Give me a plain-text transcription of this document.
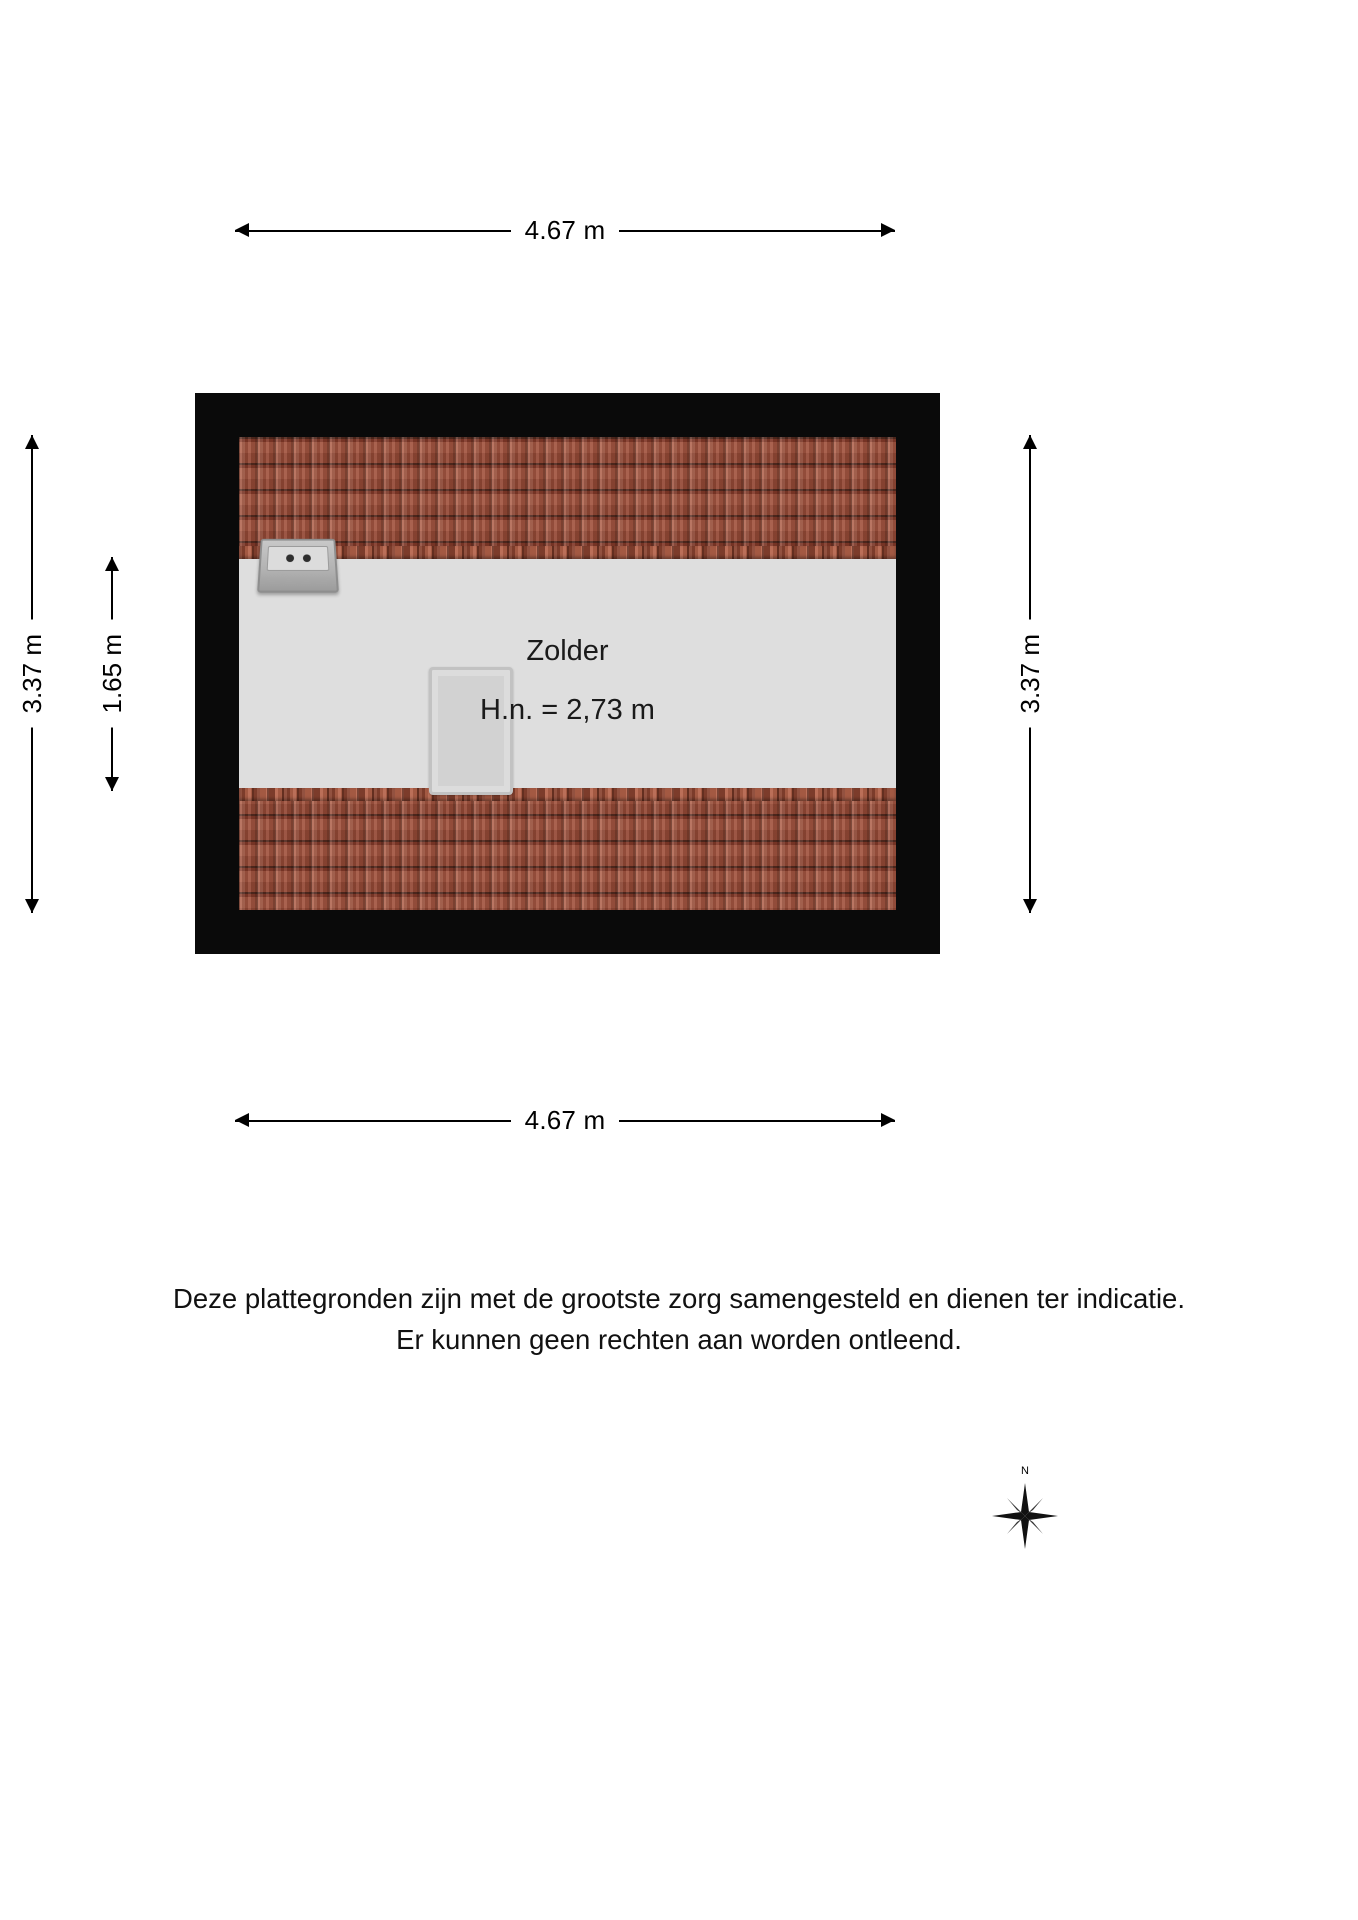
4.67 m
3.37 m 1.65 m	3.37 m
Zolder
H.n. = 2,73 m
4.67 m
Deze plattegronden zijn met de grootste zorg samengesteld en dienen ter indicatie.
Er kunnen geen rechten aan worden ontleend.
N
